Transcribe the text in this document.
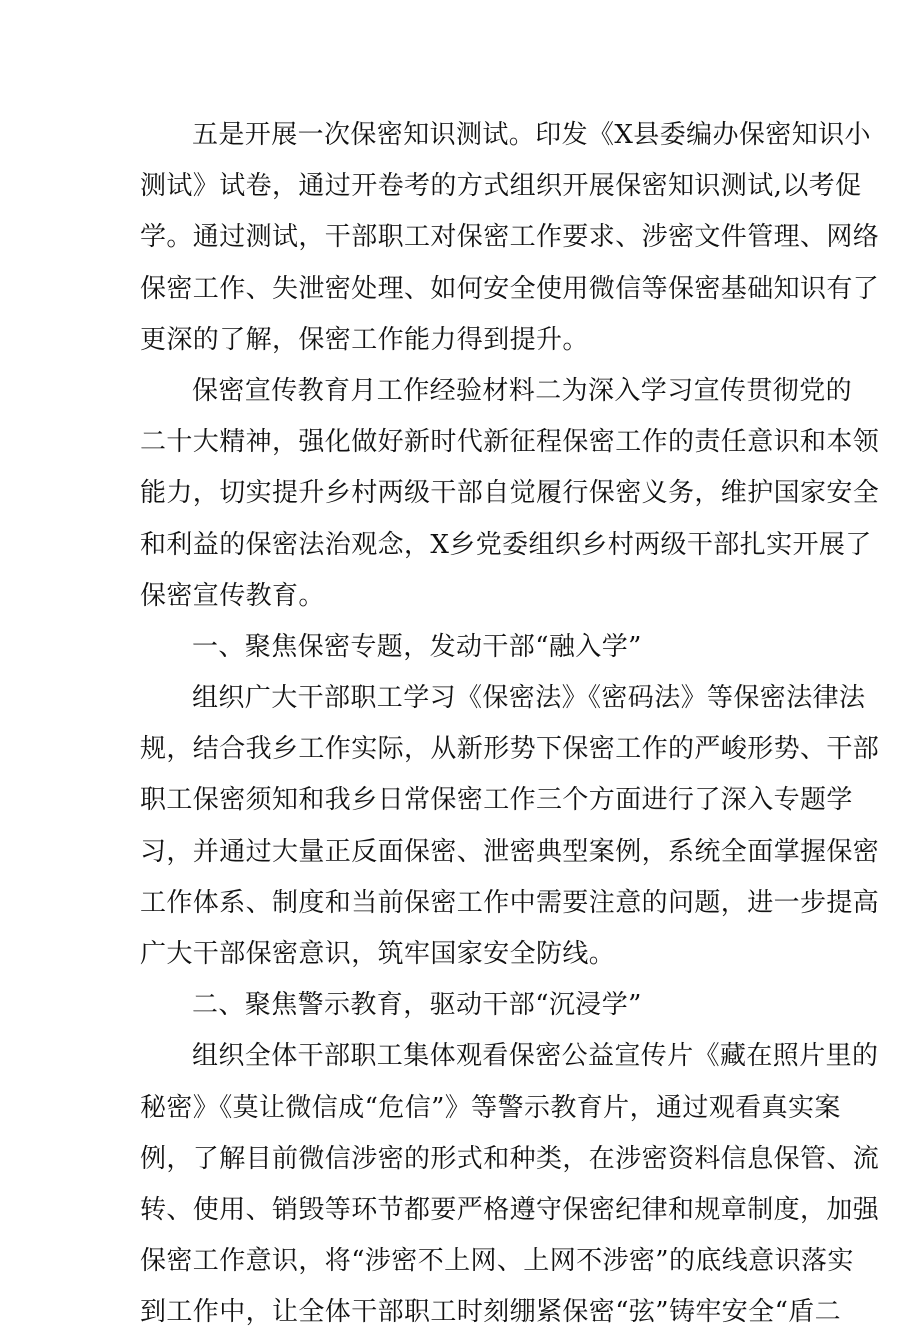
五是开展一次保密知识测试。印发《X县委编办保密知识小
测试》试卷，通过开卷考的方式组织开展保密知识测试,以考促
学。通过测试，干部职工对保密工作要求、涉密文件管理、网络
保密工作、失泄密处理、如何安全使用微信等保密基础知识有了
更深的了解，保密工作能力得到提升。
保密宣传教育月工作经验材料二为深入学习宣传贯彻党的
二十大精神，强化做好新时代新征程保密工作的责任意识和本领
能力，切实提升乡村两级干部自觉履行保密义务，维护国家安全
和利益的保密法治观念，X乡党委组织乡村两级干部扎实开展了
保密宣传教育。
一、聚焦保密专题，发动干部“融入学”
组织广大干部职工学习《保密法》《密码法》等保密法律法
规，结合我乡工作实际，从新形势下保密工作的严峻形势、干部
职工保密须知和我乡日常保密工作三个方面进行了深入专题学
习，并通过大量正反面保密、泄密典型案例，系统全面掌握保密
工作体系、制度和当前保密工作中需要注意的问题，进一步提高
广大干部保密意识，筑牢国家安全防线。
二、聚焦警示教育，驱动干部“沉浸学”
组织全体干部职工集体观看保密公益宣传片《藏在照片里的
秘密》《莫让微信成“危信”》等警示教育片，通过观看真实案
例，了解目前微信涉密的形式和种类，在涉密资料信息保管、流
转、使用、销毁等环节都要严格遵守保密纪律和规章制度，加强
保密工作意识，将“涉密不上网、上网不涉密”的底线意识落实
到工作中，让全体干部职工时刻绷紧保密“弦”铸牢安全“盾二
